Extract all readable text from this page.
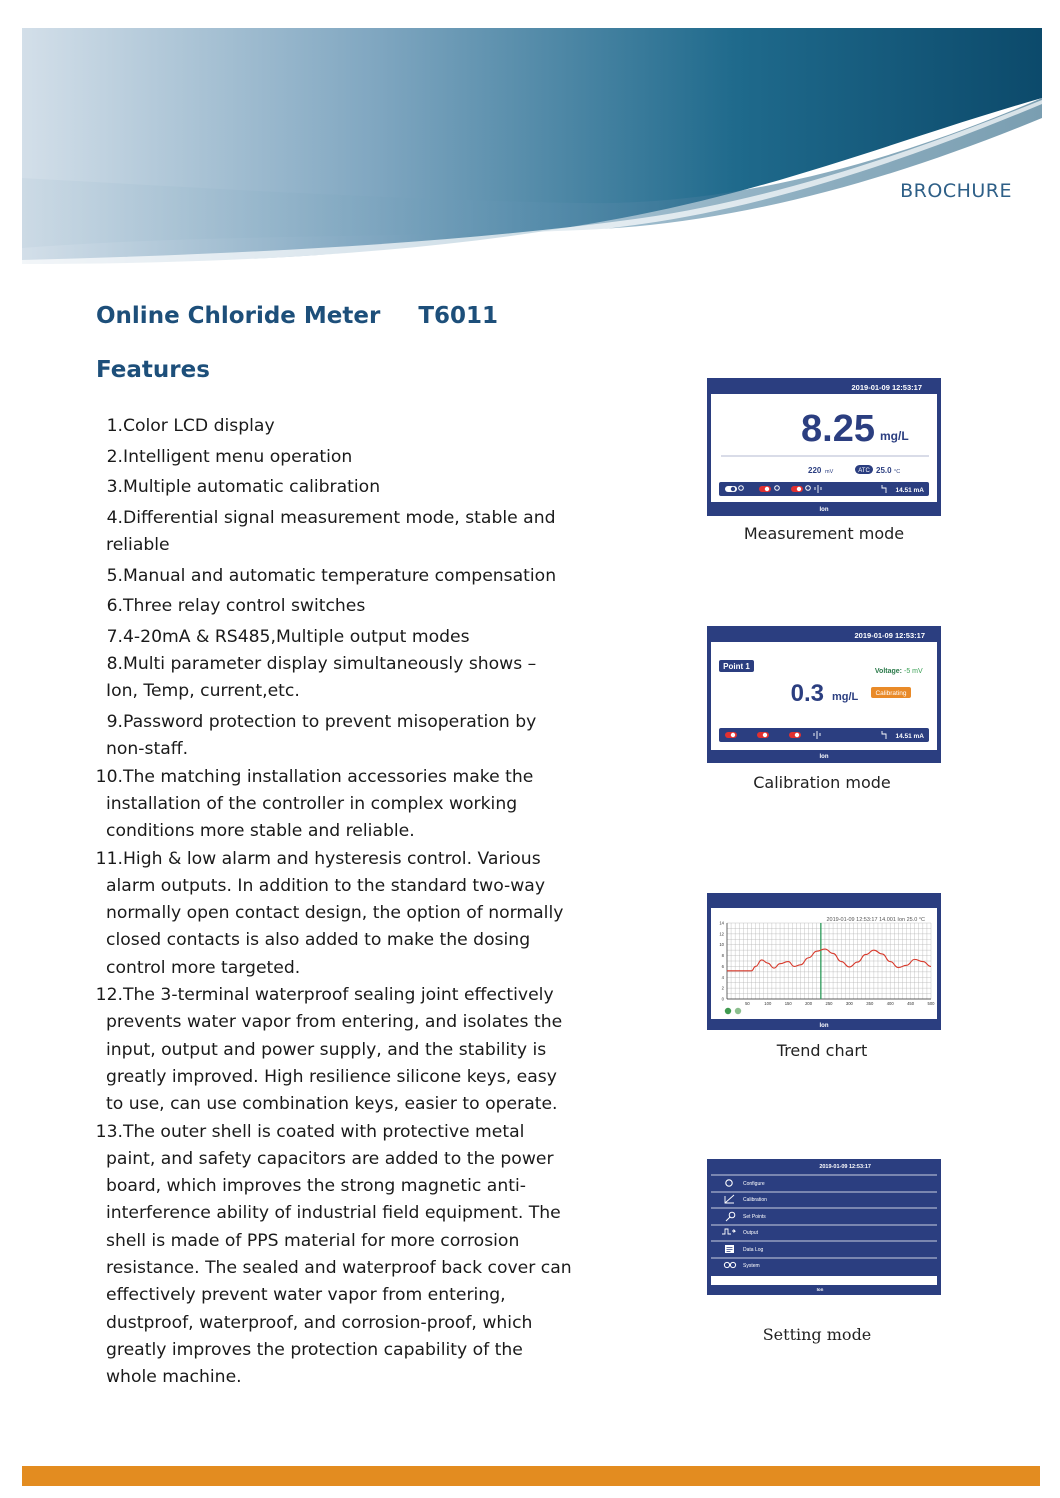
BROCHURE
Online Chloride Meter T6011
Features
1. Color LCD display
2. Intelligent menu operation
3. Multiple automatic calibration
4. Differential signal measurement mode, stable and reliable
5. Manual and automatic temperature compensation
6. Three relay control switches
7. 4-20mA & RS485,Multiple output modes
8. Multi parameter display simultaneously shows – Ion, Temp, current,etc.
9. Password protection to prevent misoperation by non-staff.
10. The matching installation accessories make the installation of the controller in complex working conditions more stable and reliable.
11. High & low alarm and hysteresis control. Various alarm outputs. In addition to the standard two-way normally open contact design, the option of normally closed contacts is also added to make the dosing control more targeted.
12. The 3-terminal waterproof sealing joint effectively prevents water vapor from entering, and isolates the input, output and power supply, and the stability is greatly improved. High resilience silicone keys, easy to use, can use combination keys, easier to operate.
13. The outer shell is coated with protective metal paint, and safety capacitors are added to the power board, which improves the strong magnetic anti-interference ability of industrial field equipment. The shell is made of PPS material for more corrosion resistance. The sealed and waterproof back cover can effectively prevent water vapor from entering, dustproof, waterproof, and corrosion-proof, which greatly improves the protection capability of the whole machine.
2019-01-09 12:53:17
8.25 mg/L
220 mV	ATC 25.0 °C
14.51 mA
Ion
Measurement mode
2019-01-09 12:53:17
Point 1
Voltage: -5 mV
0.3 mg/L	Calibrating
14.51 mA
Ion
Calibration mode
2019-01-09 12:53:17 14.001 Ion 25.0 °C
50	100	150	200	250	300	350	400	450	500
0
2
4
6
8
10
12
14
Ion
Trend chart
2019-01-09 12:53:17
Configure
Calibration
Set Points
Output
Data Log
System
Ion
Setting mode
